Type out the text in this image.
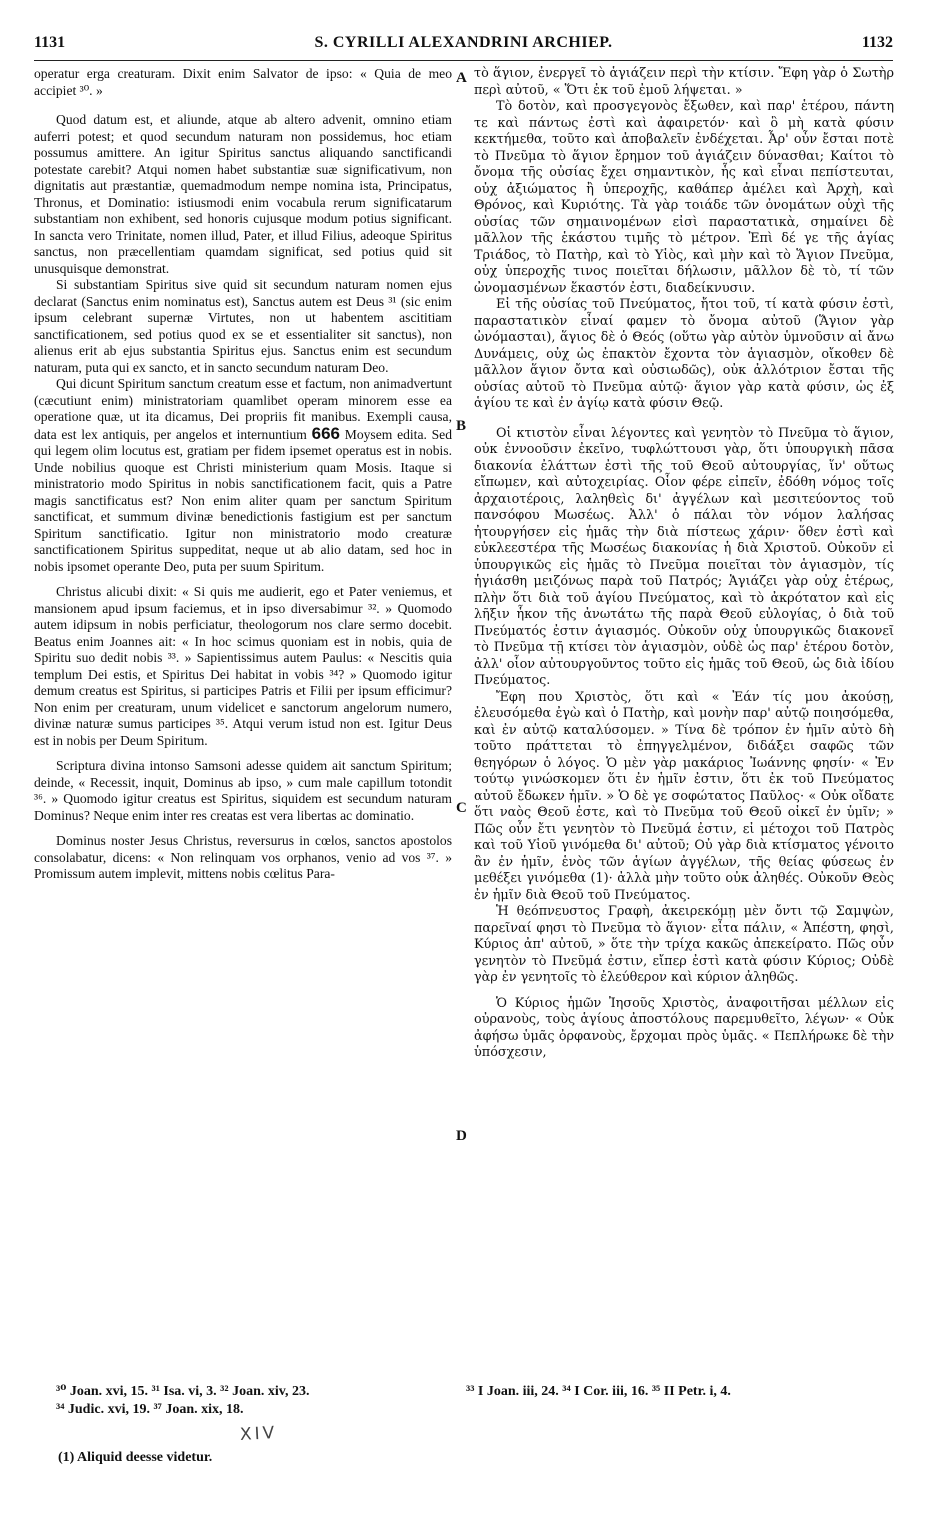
1131	S. CYRILLI ALEXANDRINI ARCHIEP.	1132

operatur erga creaturam. Dixit enim Salvator de ipso: « Quia de meo accipiet ³⁰. »

Quod datum est, et aliunde, atque ab altero advenit, omnino etiam auferri potest; et quod secundum naturam non possidemus, hoc etiam possumus amittere. An igitur Spiritus sanctus aliquando sanctificandi potestate carebit? Atqui nomen habet substantiæ suæ significativum, non dignitatis aut præstantiæ, quemadmodum nempe nomina ista, Principatus, Thronus, et Dominatio: istiusmodi enim vocabula rerum significatarum substantiam non exhibent, sed honoris cujusque modum potius significant. In sancta vero Trinitate, nomen illud, Pater, et illud Filius, adeoque Spiritus sanctus, non præcellentiam quamdam significat, sed potius quid sit unusquisque demonstrat.

Si substantiam Spiritus sive quid sit secundum naturam nomen ejus declarat (Sanctus enim nominatus est), Sanctus autem est Deus ³¹ (sic enim ipsum celebrant supernæ Virtutes, non ut habentem ascititiam sanctificationem, sed potius quod ex se et essentialiter sit sanctus), non alienus erit ab ejus substantia Spiritus ejus. Sanctus enim est secundum naturam, puta qui ex sancto, et in sancto secundum naturam Deo.

Qui dicunt Spiritum sanctum creatum esse et factum, non animadvertunt (cæcutiunt enim) ministratoriam quamlibet operam minorem esse ea operatione quæ, ut ita dicamus, Dei propriis fit manibus. Exempli causa, data est lex antiquis, per angelos et internuntium 666 Moysem edita. Sed qui legem olim locutus est, gratiam per fidem ipsemet operatus est in nobis. Unde nobilius quoque est Christi ministerium quam Mosis. Itaque si ministratorio modo Spiritus in nobis sanctificationem facit, quis a Patre magis sanctificatus est? Non enim aliter quam per sanctum Spiritum sanctificat, et summum divinæ benedictionis fastigium est per sanctum Spiritum sanctificatio. Igitur non ministratorio modo creaturæ sanctificationem Spiritus suppeditat, neque ut ab alio datam, sed hoc in nobis ipsomet operante Deo, puta per suum Spiritum.

Christus alicubi dixit: « Si quis me audierit, ego et Pater veniemus, et mansionem apud ipsum faciemus, et in ipso diversabimur ³². » Quomodo autem idipsum in nobis perficiatur, theologorum nos clare sermo docebit. Beatus enim Joannes ait: « In hoc scimus quoniam est in nobis, quia de Spiritu suo dedit nobis ³³. » Sapientissimus autem Paulus: « Nescitis quia templum Dei estis, et Spiritus Dei habitat in vobis ³⁴? » Quomodo igitur demum creatus est Spiritus, si participes Patris et Filii per ipsum efficimur? Non enim per creaturam, unum videlicet e sanctorum angelorum numero, divinæ naturæ sumus participes ³⁵. Atqui verum istud non est. Igitur Deus est in nobis per Deum Spiritum.

Scriptura divina intonso Samsoni adesse quidem ait sanctum Spiritum; deinde, « Recessit, inquit, Dominus ab ipso, » cum male capillum totondit ³⁶. » Quomodo igitur creatus est Spiritus, siquidem est secundum naturam Dominus? Neque enim inter res creatas est vera libertas ac dominatio.

Dominus noster Jesus Christus, reversurus in cœlos, sanctos apostolos consolabatur, dicens: « Non relinquam vos orphanos, venio ad vos ³⁷. » Promissum autem implevit, mittens nobis cœlitus Para-

A
B
C
D

τὸ ἅγιον, ἐνεργεῖ τὸ ἁγιάζειν περὶ τὴν κτίσιν. Ἔφη γὰρ ὁ Σωτὴρ περὶ αὐτοῦ, « Ὅτι ἐκ τοῦ ἐμοῦ λήψεται. »

Τὸ δοτὸν, καὶ προσγεγονὸς ἔξωθεν, καὶ παρ' ἑτέρου, πάντη τε καὶ πάντως ἐστὶ καὶ ἀφαιρετόν· καὶ ὃ μὴ κατὰ φύσιν κεκτήμεθα, τοῦτο καὶ ἀποβαλεῖν ἐνδέχεται. Ἆρ' οὖν ἔσται ποτὲ τὸ Πνεῦμα τὸ ἅγιον ἔρημον τοῦ ἁγιάζειν δύνασθαι; Καίτοι τὸ ὄνομα τῆς οὐσίας ἔχει σημαντικὸν, ἧς καὶ εἶναι πεπίστευται, οὐχ ἀξιώματος ἢ ὑπεροχῆς, καθάπερ ἀμέλει καὶ Ἀρχὴ, καὶ Θρόνος, καὶ Κυριότης. Τὰ γὰρ τοιάδε τῶν ὀνομάτων οὐχὶ τῆς οὐσίας τῶν σημαινομένων εἰσὶ παραστατικὰ, σημαίνει δὲ μᾶλλον τῆς ἑκάστου τιμῆς τὸ μέτρον. Ἐπὶ δέ γε τῆς ἁγίας Τριάδος, τὸ Πατὴρ, καὶ τὸ Υἱὸς, καὶ μὴν καὶ τὸ Ἅγιον Πνεῦμα, οὐχ ὑπεροχῆς τινος ποιεῖται δήλωσιν, μᾶλλον δὲ τὸ, τί τῶν ὠνομασμένων ἕκαστόν ἐστι, διαδείκνυσιν.

Εἰ τῆς οὐσίας τοῦ Πνεύματος, ἤτοι τοῦ, τί κατὰ φύσιν ἐστὶ, παραστατικὸν εἶναί φαμεν τὸ ὄνομα αὐτοῦ (Ἅγιον γὰρ ὠνόμασται), ἅγιος δὲ ὁ Θεός (οὕτω γὰρ αὐτὸν ὑμνοῦσιν αἱ ἄνω Δυνάμεις, οὐχ ὡς ἐπακτὸν ἔχοντα τὸν ἁγιασμὸν, οἴκοθεν δὲ μᾶλλον ἅγιον ὄντα καὶ οὐσιωδῶς), οὐκ ἀλλότριον ἔσται τῆς οὐσίας αὐτοῦ τὸ Πνεῦμα αὐτῷ· ἅγιον γὰρ κατὰ φύσιν, ὡς ἐξ ἁγίου τε καὶ ἐν ἁγίῳ κατὰ φύσιν Θεῷ.

Οἱ κτιστὸν εἶναι λέγοντες καὶ γενητὸν τὸ Πνεῦμα τὸ ἅγιον, οὐκ ἐννοοῦσιν ἐκεῖνο, τυφλώττουσι γὰρ, ὅτι ὑπουργικὴ πᾶσα διακονία ἐλάττων ἐστὶ τῆς τοῦ Θεοῦ αὐτουργίας, ἵν' οὕτως εἴπωμεν, καὶ αὐτοχειρίας. Οἷον φέρε εἰπεῖν, ἐδόθη νόμος τοῖς ἀρχαιοτέροις, λαληθεὶς δι' ἀγγέλων καὶ μεσιτεύοντος τοῦ πανσόφου Μωσέως. Ἀλλ' ὁ πάλαι τὸν νόμον λαλήσας ἠτουργήσεν εἰς ἡμᾶς τὴν διὰ πίστεως χάριν· ὅθεν ἐστὶ καὶ εὐκλεεστέρα τῆς Μωσέως διακονίας ἡ διὰ Χριστοῦ. Οὐκοῦν εἰ ὑπουργικῶς εἰς ἡμᾶς τὸ Πνεῦμα ποιεῖται τὸν ἁγιασμὸν, τίς ἡγιάσθη μειζόνως παρὰ τοῦ Πατρός; Ἁγιάζει γὰρ οὐχ ἑτέρως, πλὴν ὅτι διὰ τοῦ ἁγίου Πνεύματος, καὶ τὸ ἀκρότατον καὶ εἰς λῆξιν ἧκον τῆς ἀνωτάτω τῆς παρὰ Θεοῦ εὐλογίας, ὁ διὰ τοῦ Πνεύματός ἐστιν ἁγιασμός. Οὐκοῦν οὐχ ὑπουργικῶς διακονεῖ τὸ Πνεῦμα τῇ κτίσει τὸν ἁγιασμὸν, οὐδὲ ὡς παρ' ἑτέρου δοτὸν, ἀλλ' οἷον αὐτουργοῦντος τοῦτο εἰς ἡμᾶς τοῦ Θεοῦ, ὡς διὰ ἰδίου Πνεύματος.

Ἔφη που Χριστὸς, ὅτι καὶ « Ἐάν τίς μου ἀκούσῃ, ἐλευσόμεθα ἐγὼ καὶ ὁ Πατὴρ, καὶ μονὴν παρ' αὐτῷ ποιησόμεθα, καὶ ἐν αὐτῷ καταλύσομεν. » Τίνα δὲ τρόπον ἐν ἡμῖν αὐτὸ δὴ τοῦτο πράττεται τὸ ἐπηγγελμένον, διδάξει σαφῶς τῶν θεηγόρων ὁ λόγος. Ὁ μὲν γὰρ μακάριος Ἰωάννης φησίν· « Ἐν τούτῳ γινώσκομεν ὅτι ἐν ἡμῖν ἐστιν, ὅτι ἐκ τοῦ Πνεύματος αὐτοῦ ἔδωκεν ἡμῖν. » Ὁ δὲ γε σοφώτατος Παῦλος· « Οὐκ οἴδατε ὅτι ναὸς Θεοῦ ἐστε, καὶ τὸ Πνεῦμα τοῦ Θεοῦ οἰκεῖ ἐν ὑμῖν; » Πῶς οὖν ἔτι γενητὸν τὸ Πνεῦμά ἐστιν, εἰ μέτοχοι τοῦ Πατρὸς καὶ τοῦ Υἱοῦ γινόμεθα δι' αὐτοῦ; Οὐ γὰρ διὰ κτίσματος γένοιτο ἂν ἐν ἡμῖν, ἑνὸς τῶν ἁγίων ἀγγέλων, τῆς θείας φύσεως ἐν μεθέξει γινόμεθα (1)· ἀλλὰ μὴν τοῦτο οὐκ ἀληθές. Οὐκοῦν Θεὸς ἐν ἡμῖν διὰ Θεοῦ τοῦ Πνεύματος.

Ἡ θεόπνευστος Γραφὴ, ἀκειρεκόμῃ μὲν ὄντι τῷ Σαμψὼν, παρεῖναί φησι τὸ Πνεῦμα τὸ ἅγιον· εἶτα πάλιν, « Ἀπέστη, φησὶ, Κύριος ἀπ' αὐτοῦ, » ὅτε τὴν τρίχα κακῶς ἀπεκείρατο. Πῶς οὖν γενητὸν τὸ Πνεῦμά ἐστιν, εἴπερ ἐστὶ κατὰ φύσιν Κύριος; Οὐδὲ γὰρ ἐν γενητοῖς τὸ ἐλεύθερον καὶ κύριον ἀληθῶς.

Ὁ Κύριος ἡμῶν Ἰησοῦς Χριστὸς, ἀναφοιτῆσαι μέλλων εἰς οὐρανοὺς, τοὺς ἁγίους ἀποστόλους παρεμυθεῖτο, λέγων· « Οὐκ ἀφήσω ὑμᾶς ὀρφανοὺς, ἔρχομαι πρὸς ὑμᾶς. « Πεπλήρωκε δὲ τὴν ὑπόσχεσιν,

³⁰ Joan. xvi, 15. ³¹ Isa. vi, 3. ³² Joan. xiv, 23.
³⁴ Judic. xvi, 19. ³⁷ Joan. xix, 18.
³³ I Joan. iii, 24. ³⁴ I Cor. iii, 16. ³⁵ II Petr. i, 4.
XIV
(1) Aliquid deesse videtur.
